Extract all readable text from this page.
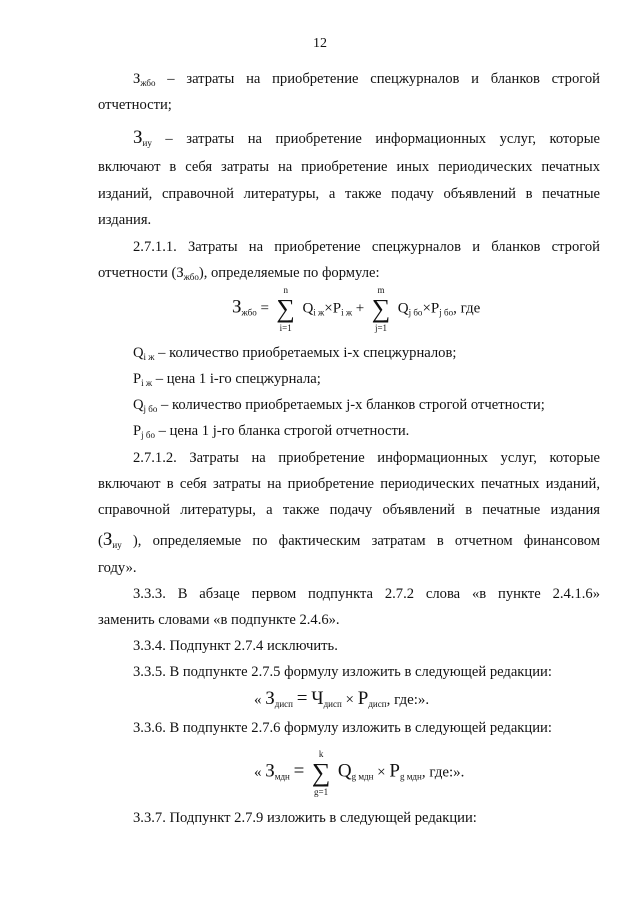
12
$З_{жбо}$ – затраты на приобретение спецжурналов и бланков строгой
отчетности;
$З_{иу}$ – затраты на приобретение информационных услуг, которые
включают в себя затраты на приобретение иных периодических печатных
изданий, справочной литературы, а также подачу объявлений в печатные
издания.
2.7.1.1. Затраты на приобретение спецжурналов и бланков строгой
отчетности $(З_{жбо})$, определяемые по формуле:
$З_{жбо}$ =
n
∑
i=1
$Q_{i ж}\times P_{i ж}$ +
m
∑
j=1
$Q_{j бо}\times P_{j бо}$, где
$Q_{i ж}$ – количество приобретаемых i-х спецжурналов;
$P_{i ж}$ – цена 1 i-го спецжурнала;
$Q_{j бо}$ – количество приобретаемых j-х бланков строгой отчетности;
$P_{j бо}$ – цена 1 j-го бланка строгой отчетности.
2.7.1.2. Затраты на приобретение информационных услуг, которые
включают в себя затраты на приобретение периодических печатных изданий,
справочной литературы, а также подачу объявлений в печатные издания
($З_{иу}$ ), определяемые по фактическим затратам в отчетном финансовом
году».
3.3.3. В абзаце первом подпункта 2.7.2 слова «в пункте 2.4.1.6»
заменить словами «в подпункте 2.4.6».
3.3.4. Подпункт 2.7.4 исключить.
3.3.5. В подпункте 2.7.5 формулу изложить в следующей редакции:
« $З_{дисп} = Ч_{дисп} \times Р_{дисп}$, где:».
3.3.6. В подпункте 2.7.6 формулу изложить в следующей редакции:
« $З_{мдн}$ =
k
∑
g=1
$Q_{g мдн} \times P_{g мдн}$, где:».
3.3.7. Подпункт 2.7.9 изложить в следующей редакции:
